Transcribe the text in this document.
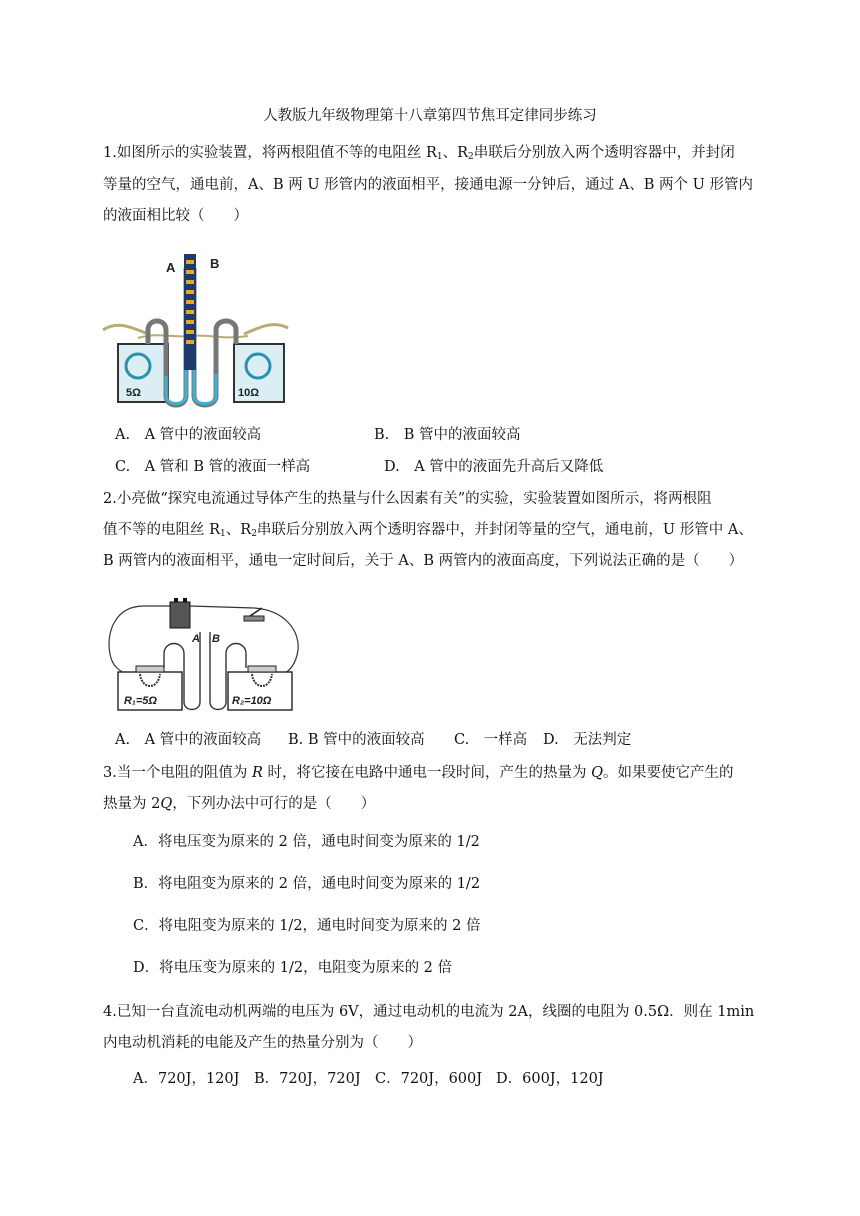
人教版九年级物理第十八章第四节焦耳定律同步练习
1.如图所示的实验装置，将两根阻值不等的电阻丝 $R_1$、$R_2$串联后分别放入两个透明容器中，并封闭
等量的空气，通电前，A、B 两 U 形管内的液面相平，接通电源一分钟后，通过 A、B 两个 U 形管内
的液面相比较（　　）
A	B
5Ω	10Ω
A.　A 管中的液面较高	B.　B 管中的液面较高
C.　A 管和 B 管的液面一样高	D.　A 管中的液面先升高后又降低
2.小亮做“探究电流通过导体产生的热量与什么因素有关”的实验，实验装置如图所示，将两根阻
值不等的电阻丝 $R_1$、$R_2$串联后分别放入两个透明容器中，并封闭等量的空气，通电前，U 形管中 A、
B 两管内的液面相平，通电一定时间后，关于 A、B 两管内的液面高度，下列说法正确的是（　　）
A B
R₁=5Ω	R₂=10Ω
A.　A 管中的液面较高 B. B 管中的液面较高 C.　一样高 D.　无法判定
3.当一个电阻的阻值为 R 时，将它接在电路中通电一段时间，产生的热量为 Q。如果要使它产生的
热量为 2Q，下列办法中可行的是（　　）
A．将电压变为原来的 2 倍，通电时间变为原来的 1/2
B．将电阻变为原来的 2 倍，通电时间变为原来的 1/2
C．将电阻变为原来的 1/2，通电时间变为原来的 2 倍
D．将电压变为原来的 1/2，电阻变为原来的 2 倍
4.已知一台直流电动机两端的电压为 6V，通过电动机的电流为 2A，线圈的电阻为 0.5Ω．则在 1min
内电动机消耗的电能及产生的热量分别为（　　）
A．720J，120J B．720J，720J C．720J，600J D．600J，120J
